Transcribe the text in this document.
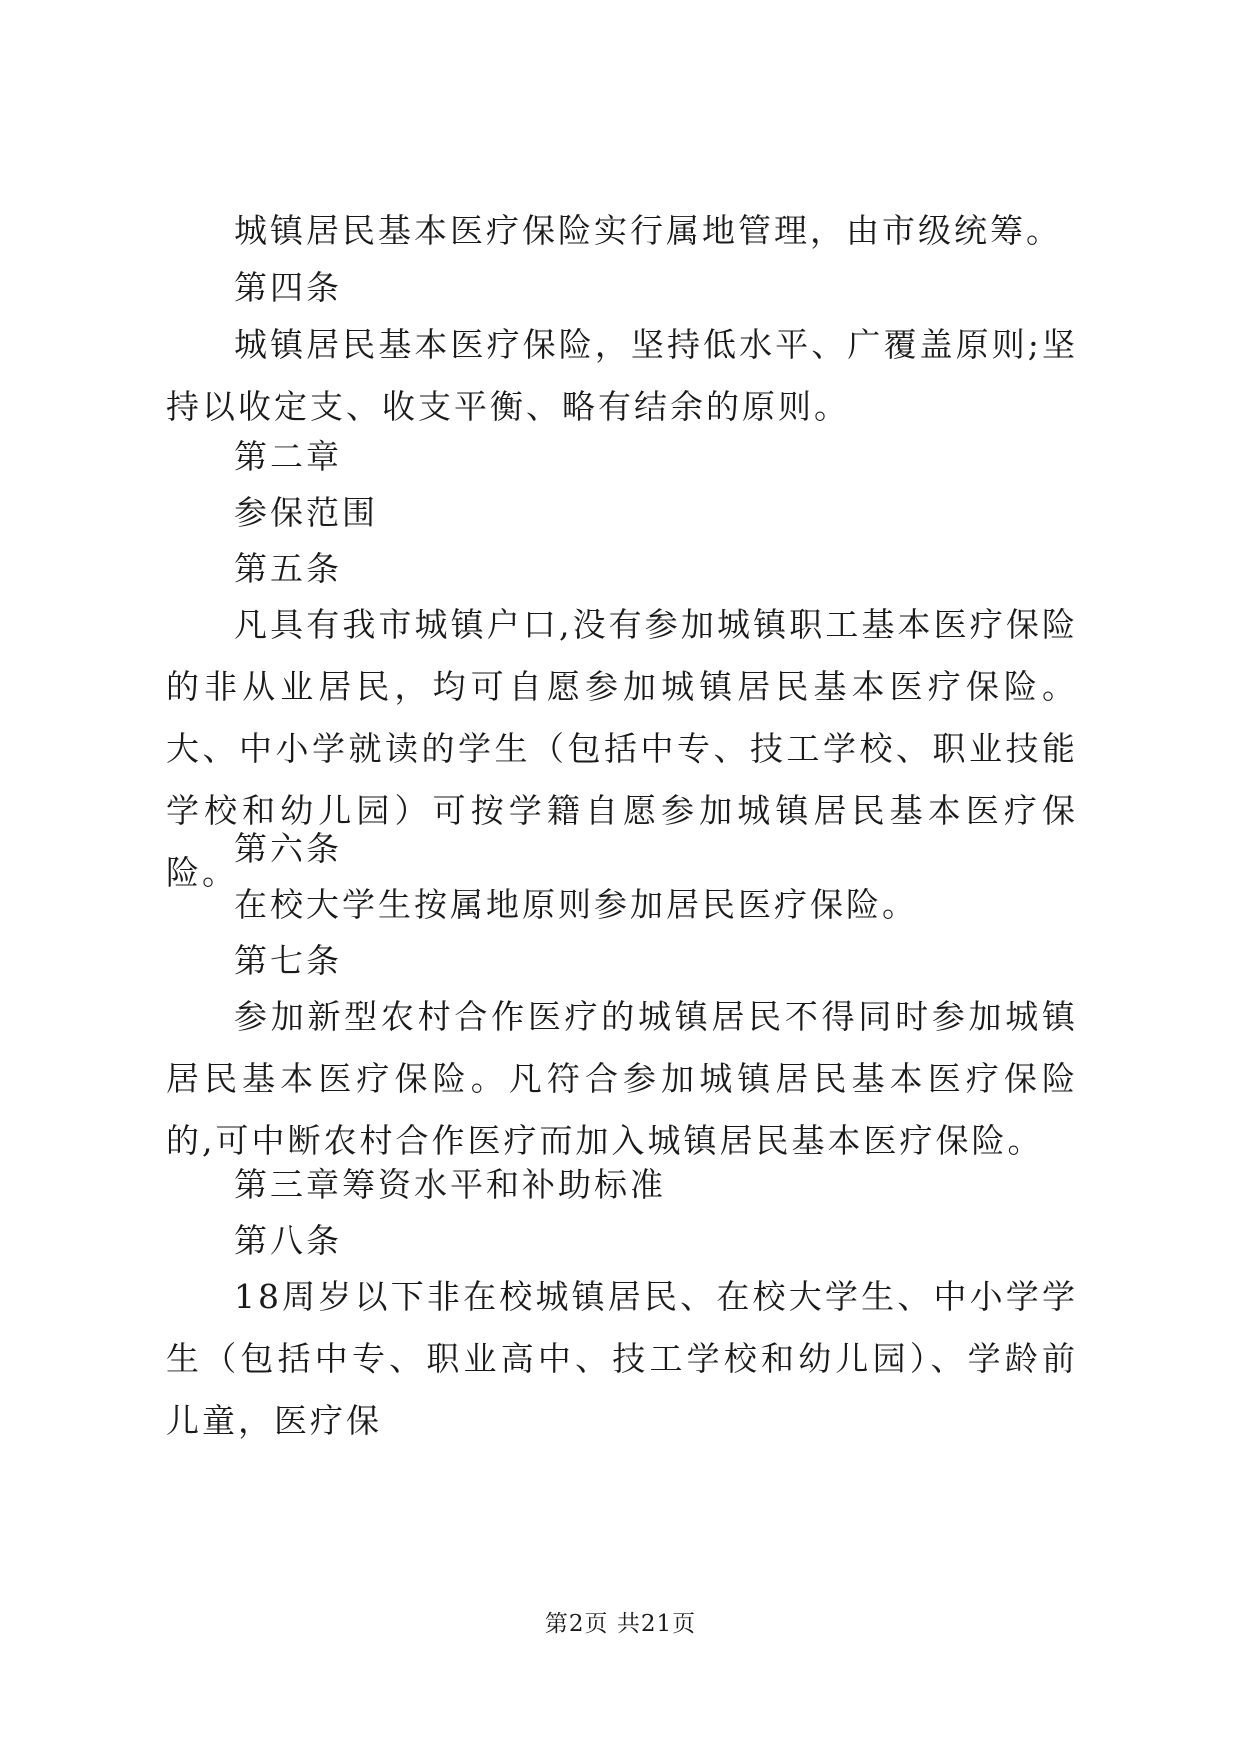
城镇居民基本医疗保险实行属地管理，由市级统筹。

第四条

城镇居民基本医疗保险，坚持低水平、广覆盖原则;坚持以收定支、收支平衡、略有结余的原则。

第二章

参保范围

第五条

凡具有我市城镇户口,没有参加城镇职工基本医疗保险的非从业居民，均可自愿参加城镇居民基本医疗保险。大、中小学就读的学生（包括中专、技工学校、职业技能学校和幼儿园）可按学籍自愿参加城镇居民基本医疗保险。

第六条

在校大学生按属地原则参加居民医疗保险。

第七条

参加新型农村合作医疗的城镇居民不得同时参加城镇居民基本医疗保险。凡符合参加城镇居民基本医疗保险的,可中断农村合作医疗而加入城镇居民基本医疗保险。

第三章筹资水平和补助标准

第八条

18周岁以下非在校城镇居民、在校大学生、中小学学生（包括中专、职业高中、技工学校和幼儿园）、学龄前儿童，医疗保

第2页 共21页
